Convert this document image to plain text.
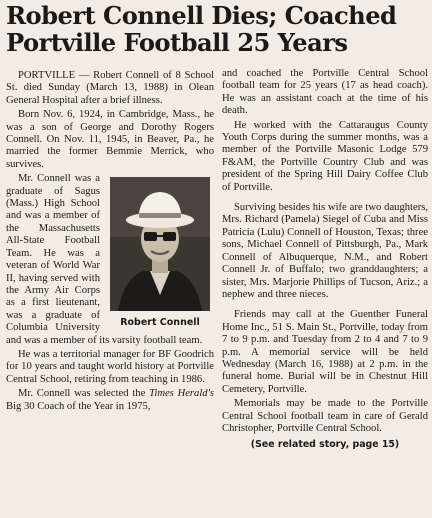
Robert Connell Dies; Coached
Portville Football 25 Years

PORTVILLE — Robert Connell of 8 School St. died Sunday (March 13, 1988) in Olean General Hospital after a brief illness.

Born Nov. 6, 1924, in Cambridge, Mass., he was a son of George and Dorothy Rogers Connell. On Nov. 11, 1945, in Beaver, Pa., he married the former Bemmie Merrick, who survives.

Robert Connell

Mr. Connell was a graduate of Sagus (Mass.) High School and was a member of the Massachusetts All-State Football Team. He was a veteran of World War II, having served with the Army Air Corps as a first lieutenant, was a graduate of Columbia University and was a member of its varsity football team.

He was a territorial manager for BF Goodrich for 10 years and taught world history at Portville Central School, retiring from teaching in 1986.

Mr. Connell was selected the Times Herald's Big 30 Coach of the Year in 1975,

and coached the Portville Central School football team for 25 years (17 as head coach). He was an assistant coach at the time of his death.

He worked with the Cattaraugus County Youth Corps during the summer months, was a member of the Portville Masonic Lodge 579 F&AM, the Portville Country Club and was president of the Spring Hill Dairy Coffee Club of Portville.

Surviving besides his wife are two daughters, Mrs. Richard (Pamela) Siegel of Cuba and Miss Patricia (Lulu) Connell of Houston, Texas; three sons, Michael Connell of Pittsburgh, Pa., Mark Connell of Albuquerque, N.M., and Robert Connell Jr. of Buffalo; two granddaughters; a sister, Mrs. Marjorie Phillips of Tucson, Ariz.; a nephew and three nieces.

Friends may call at the Guenther Funeral Home Inc., 51 S. Main St., Portville, today from 7 to 9 p.m. and Tuesday from 2 to 4 and 7 to 9 p.m. A memorial service will be held Wednesday (March 16, 1988) at 2 p.m. in the funeral home. Burial will be in Chestnut Hill Cemetery, Portville.

Memorials may be made to the Portville Central School football team in care of Gerald Christopher, Portville Central School.

(See related story, page 15)
